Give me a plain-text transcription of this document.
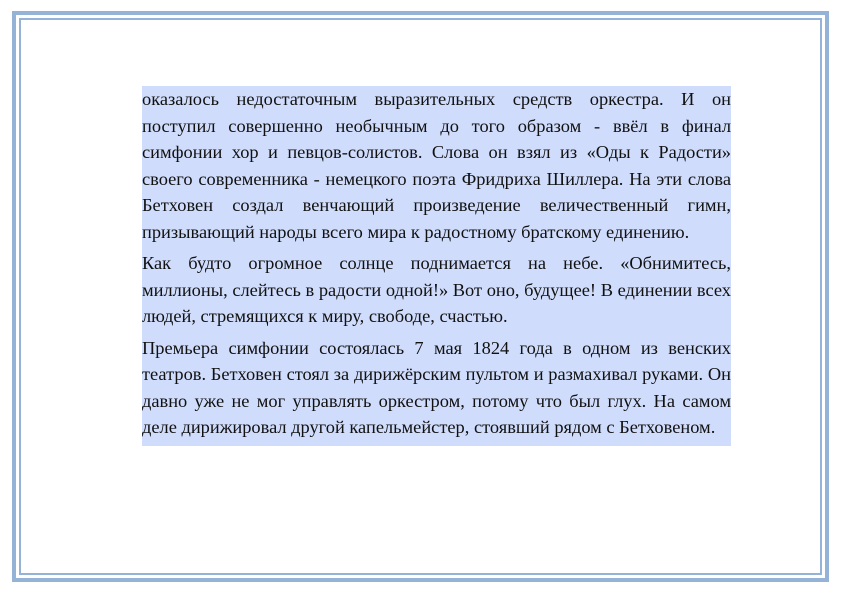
оказалось недостаточным выразительных средств оркестра. И он поступил совершенно необычным до того образом - ввёл в финал симфонии хор и певцов-солистов. Слова он взял из «Оды к Радости» своего современника - немецкого поэта Фридриха Шиллера. На эти слова Бетховен создал венчающий произведение величественный гимн, призывающий народы всего мира к радостному братскому единению.

Как будто огромное солнце поднимается на небе. «Обнимитесь, миллионы, слейтесь в радости одной!» Вот оно, будущее! В единении всех людей, стремящихся к миру, свободе, счастью.

Премьера симфонии состоялась 7 мая 1824 года в одном из венских театров. Бетховен стоял за дирижёрским пультом и размахивал руками. Он давно уже не мог управлять оркестром, потому что был глух. На самом деле дирижировал другой капельмейстер, стоявший рядом с Бетховеном.
